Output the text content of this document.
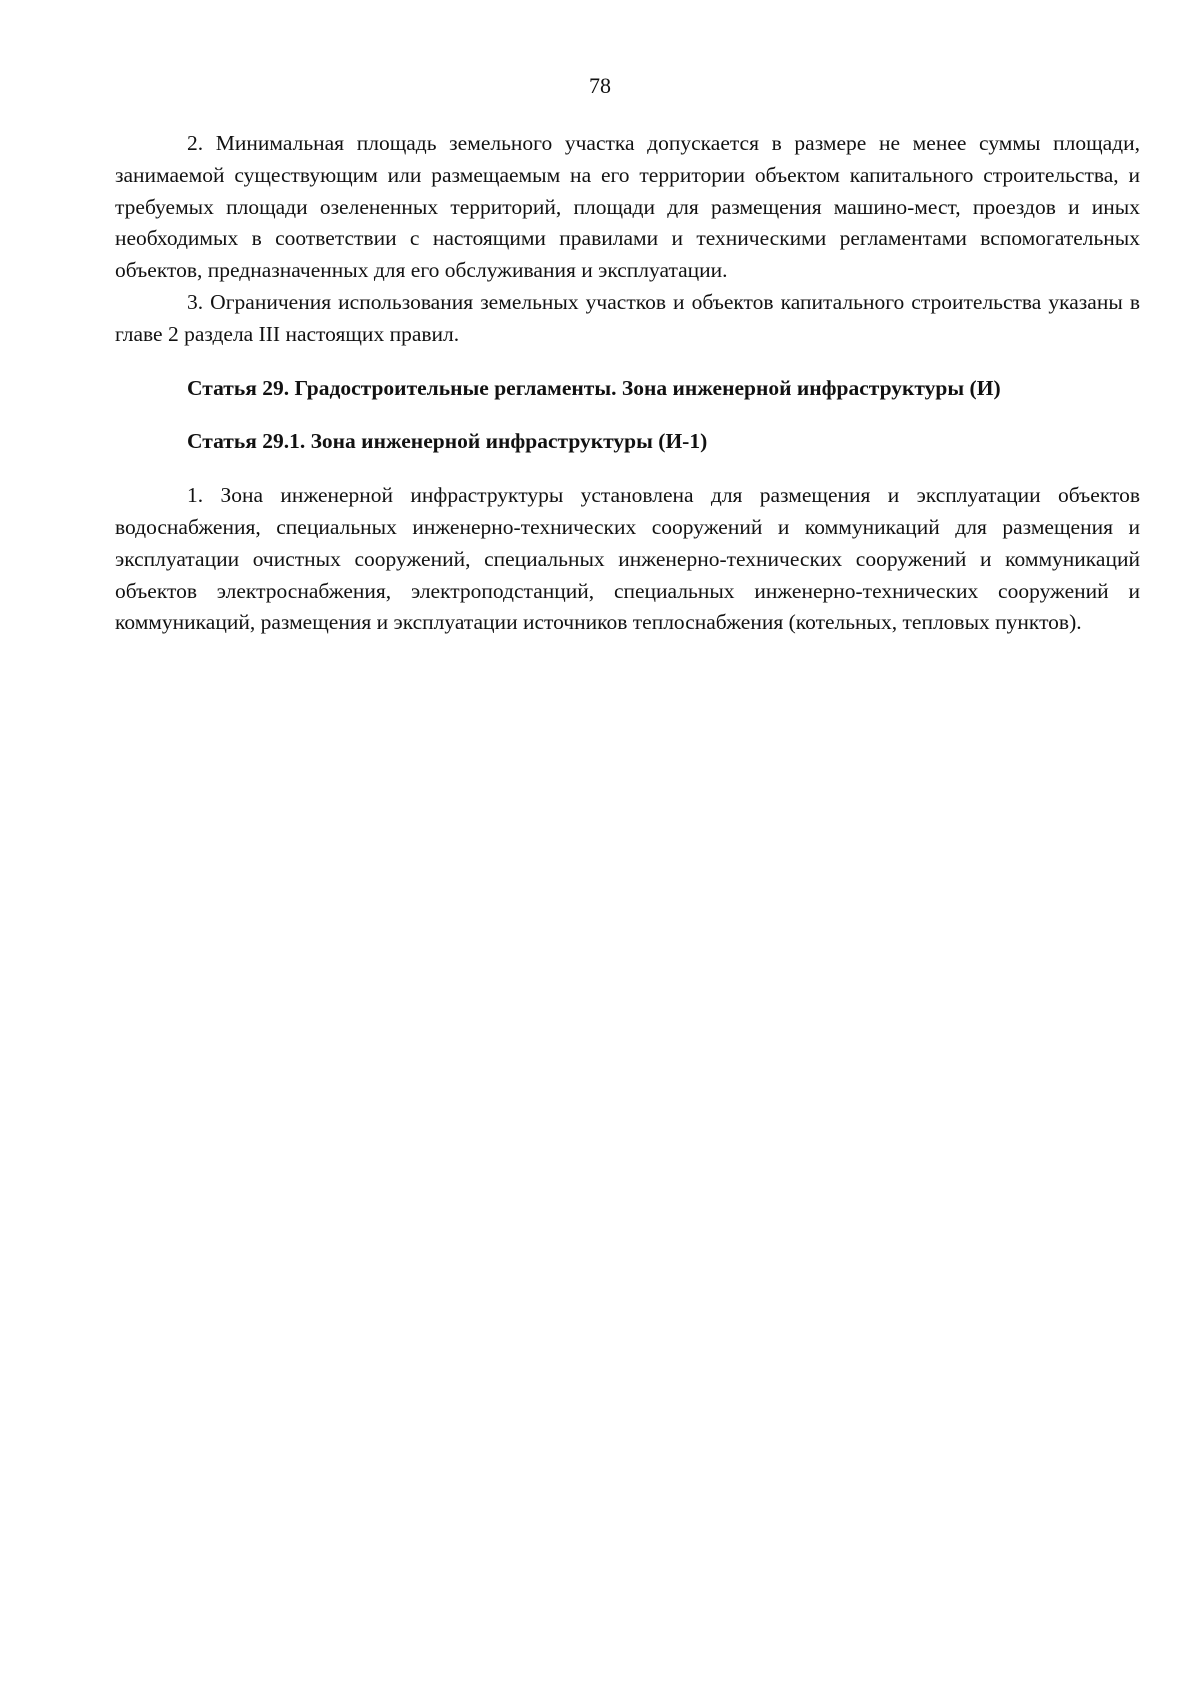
78

2. Минимальная площадь земельного участка допускается в размере не менее суммы площади, занимаемой существующим или размещаемым на его территории объектом капитального строительства, и требуемых площади озелененных территорий, площади для размещения машино-мест, проездов и иных необходимых в соответствии с настоящими правилами и техническими регламентами вспомогательных объектов, предназначенных для его обслуживания и эксплуатации.

3. Ограничения использования земельных участков и объектов капитального строительства указаны в главе 2 раздела III настоящих правил.

Статья 29. Градостроительные регламенты. Зона инженерной инфраструктуры (И)

Статья 29.1. Зона инженерной инфраструктуры (И-1)

1. Зона инженерной инфраструктуры установлена для размещения и эксплуатации объектов водоснабжения, специальных инженерно-технических сооружений и коммуникаций для размещения и эксплуатации очистных сооружений, специальных инженерно-технических сооружений и коммуникаций объектов электроснабжения, электроподстанций, специальных инженерно-технических сооружений и коммуникаций, размещения и эксплуатации источников теплоснабжения (котельных, тепловых пунктов).
